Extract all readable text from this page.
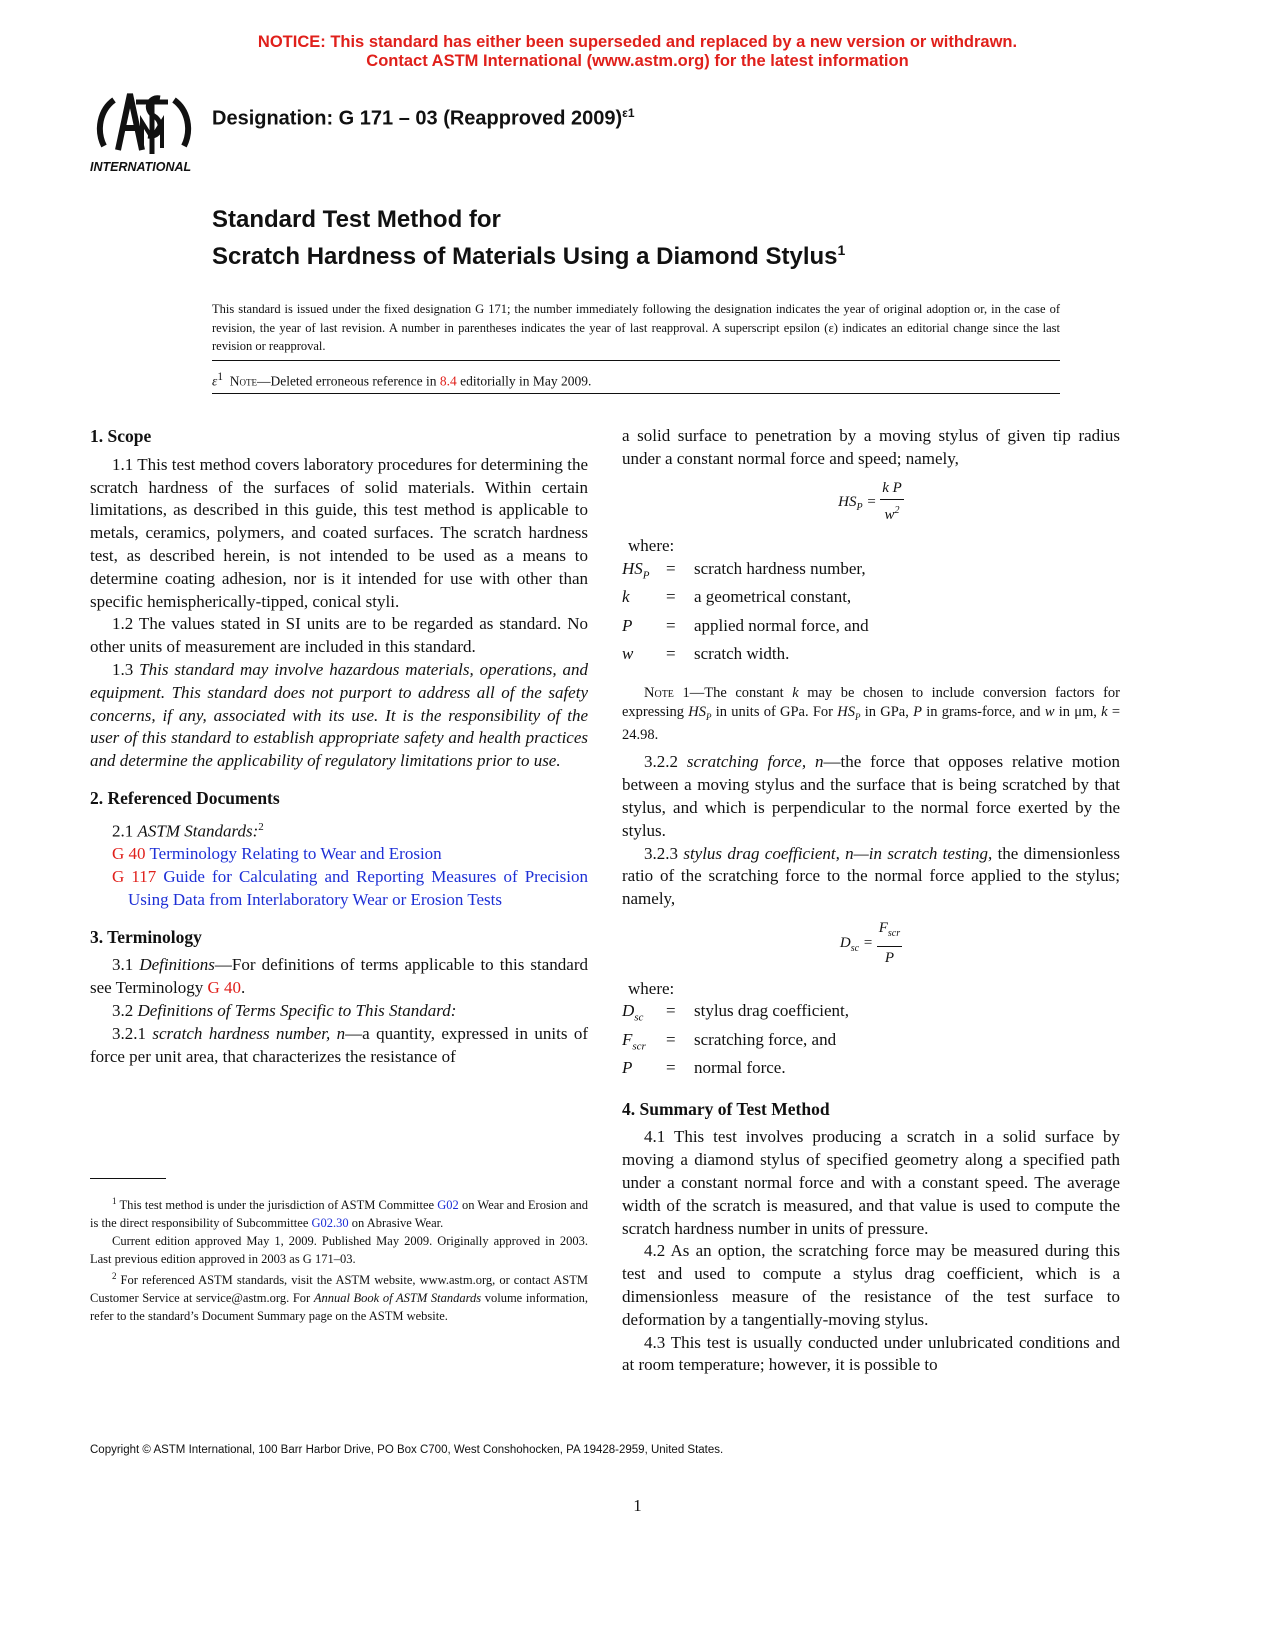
NOTICE: This standard has either been superseded and replaced by a new version or withdrawn.
Contact ASTM International (www.astm.org) for the latest information
INTERNATIONAL
Designation: G 171 – 03 (Reapproved 2009)$^{\varepsilon 1}$
Standard Test Method for
Scratch Hardness of Materials Using a Diamond Stylus$^1$
This standard is issued under the fixed designation G 171; the number immediately following the designation indicates the year of original adoption or, in the case of revision, the year of last revision. A number in parentheses indicates the year of last reapproval. A superscript epsilon (ε) indicates an editorial change since the last revision or reapproval.
$\varepsilon^1$ Note—Deleted erroneous reference in 8.4 editorially in May 2009.
1. Scope

1.1 This test method covers laboratory procedures for determining the scratch hardness of the surfaces of solid materials. Within certain limitations, as described in this guide, this test method is applicable to metals, ceramics, polymers, and coated surfaces. The scratch hardness test, as described herein, is not intended to be used as a means to determine coating adhesion, nor is it intended for use with other than specific hemispherically-tipped, conical styli.

1.2 The values stated in SI units are to be regarded as standard. No other units of measurement are included in this standard.

1.3 This standard may involve hazardous materials, operations, and equipment. This standard does not purport to address all of the safety concerns, if any, associated with its use. It is the responsibility of the user of this standard to establish appropriate safety and health practices and determine the applicability of regulatory limitations prior to use.

2. Referenced Documents

2.1 ASTM Standards:$^2$

G 40 Terminology Relating to Wear and Erosion

G 117 Guide for Calculating and Reporting Measures of Precision Using Data from Interlaboratory Wear or Erosion Tests

3. Terminology

3.1 Definitions—For definitions of terms applicable to this standard see Terminology G 40.

3.2 Definitions of Terms Specific to This Standard:

3.2.1 scratch hardness number, n—a quantity, expressed in units of force per unit area, that characterizes the resistance of

$^1$ This test method is under the jurisdiction of ASTM Committee G02 on Wear and Erosion and is the direct responsibility of Subcommittee G02.30 on Abrasive Wear.

Current edition approved May 1, 2009. Published May 2009. Originally approved in 2003. Last previous edition approved in 2003 as G 171–03.

$^2$ For referenced ASTM standards, visit the ASTM website, www.astm.org, or contact ASTM Customer Service at service@astm.org. For Annual Book of ASTM Standards volume information, refer to the standard’s Document Summary page on the ASTM website.

a solid surface to penetration by a moving stylus of given tip radius under a constant normal force and speed; namely,

$HS_P = \frac{\text{k P}}{w^2}$

where:

$HS_P$	=	scratch hardness number,
k	=	a geometrical constant,
P	=	applied normal force, and
w	=	scratch width.

Note 1—The constant k may be chosen to include conversion factors for expressing $HS_P$ in units of GPa. For $HS_P$ in GPa, P in grams-force, and w in μm, k = 24.98.

3.2.2 scratching force, n—the force that opposes relative motion between a moving stylus and the surface that is being scratched by that stylus, and which is perpendicular to the normal force exerted by the stylus.

3.2.3 stylus drag coefficient, n—in scratch testing, the dimensionless ratio of the scratching force to the normal force applied to the stylus; namely,

$D_{sc} = \frac{F_{scr}}{P}$

where:

$D_{sc}$	=	stylus drag coefficient,
$F_{scr}$	=	scratching force, and
P	=	normal force.
4. Summary of Test Method

4.1 This test involves producing a scratch in a solid surface by moving a diamond stylus of specified geometry along a specified path under a constant normal force and with a constant speed. The average width of the scratch is measured, and that value is used to compute the scratch hardness number in units of pressure.

4.2 As an option, the scratching force may be measured during this test and used to compute a stylus drag coefficient, which is a dimensionless measure of the resistance of the test surface to deformation by a tangentially-moving stylus.

4.3 This test is usually conducted under unlubricated conditions and at room temperature; however, it is possible to

Copyright © ASTM International, 100 Barr Harbor Drive, PO Box C700, West Conshohocken, PA 19428-2959, United States.
1
